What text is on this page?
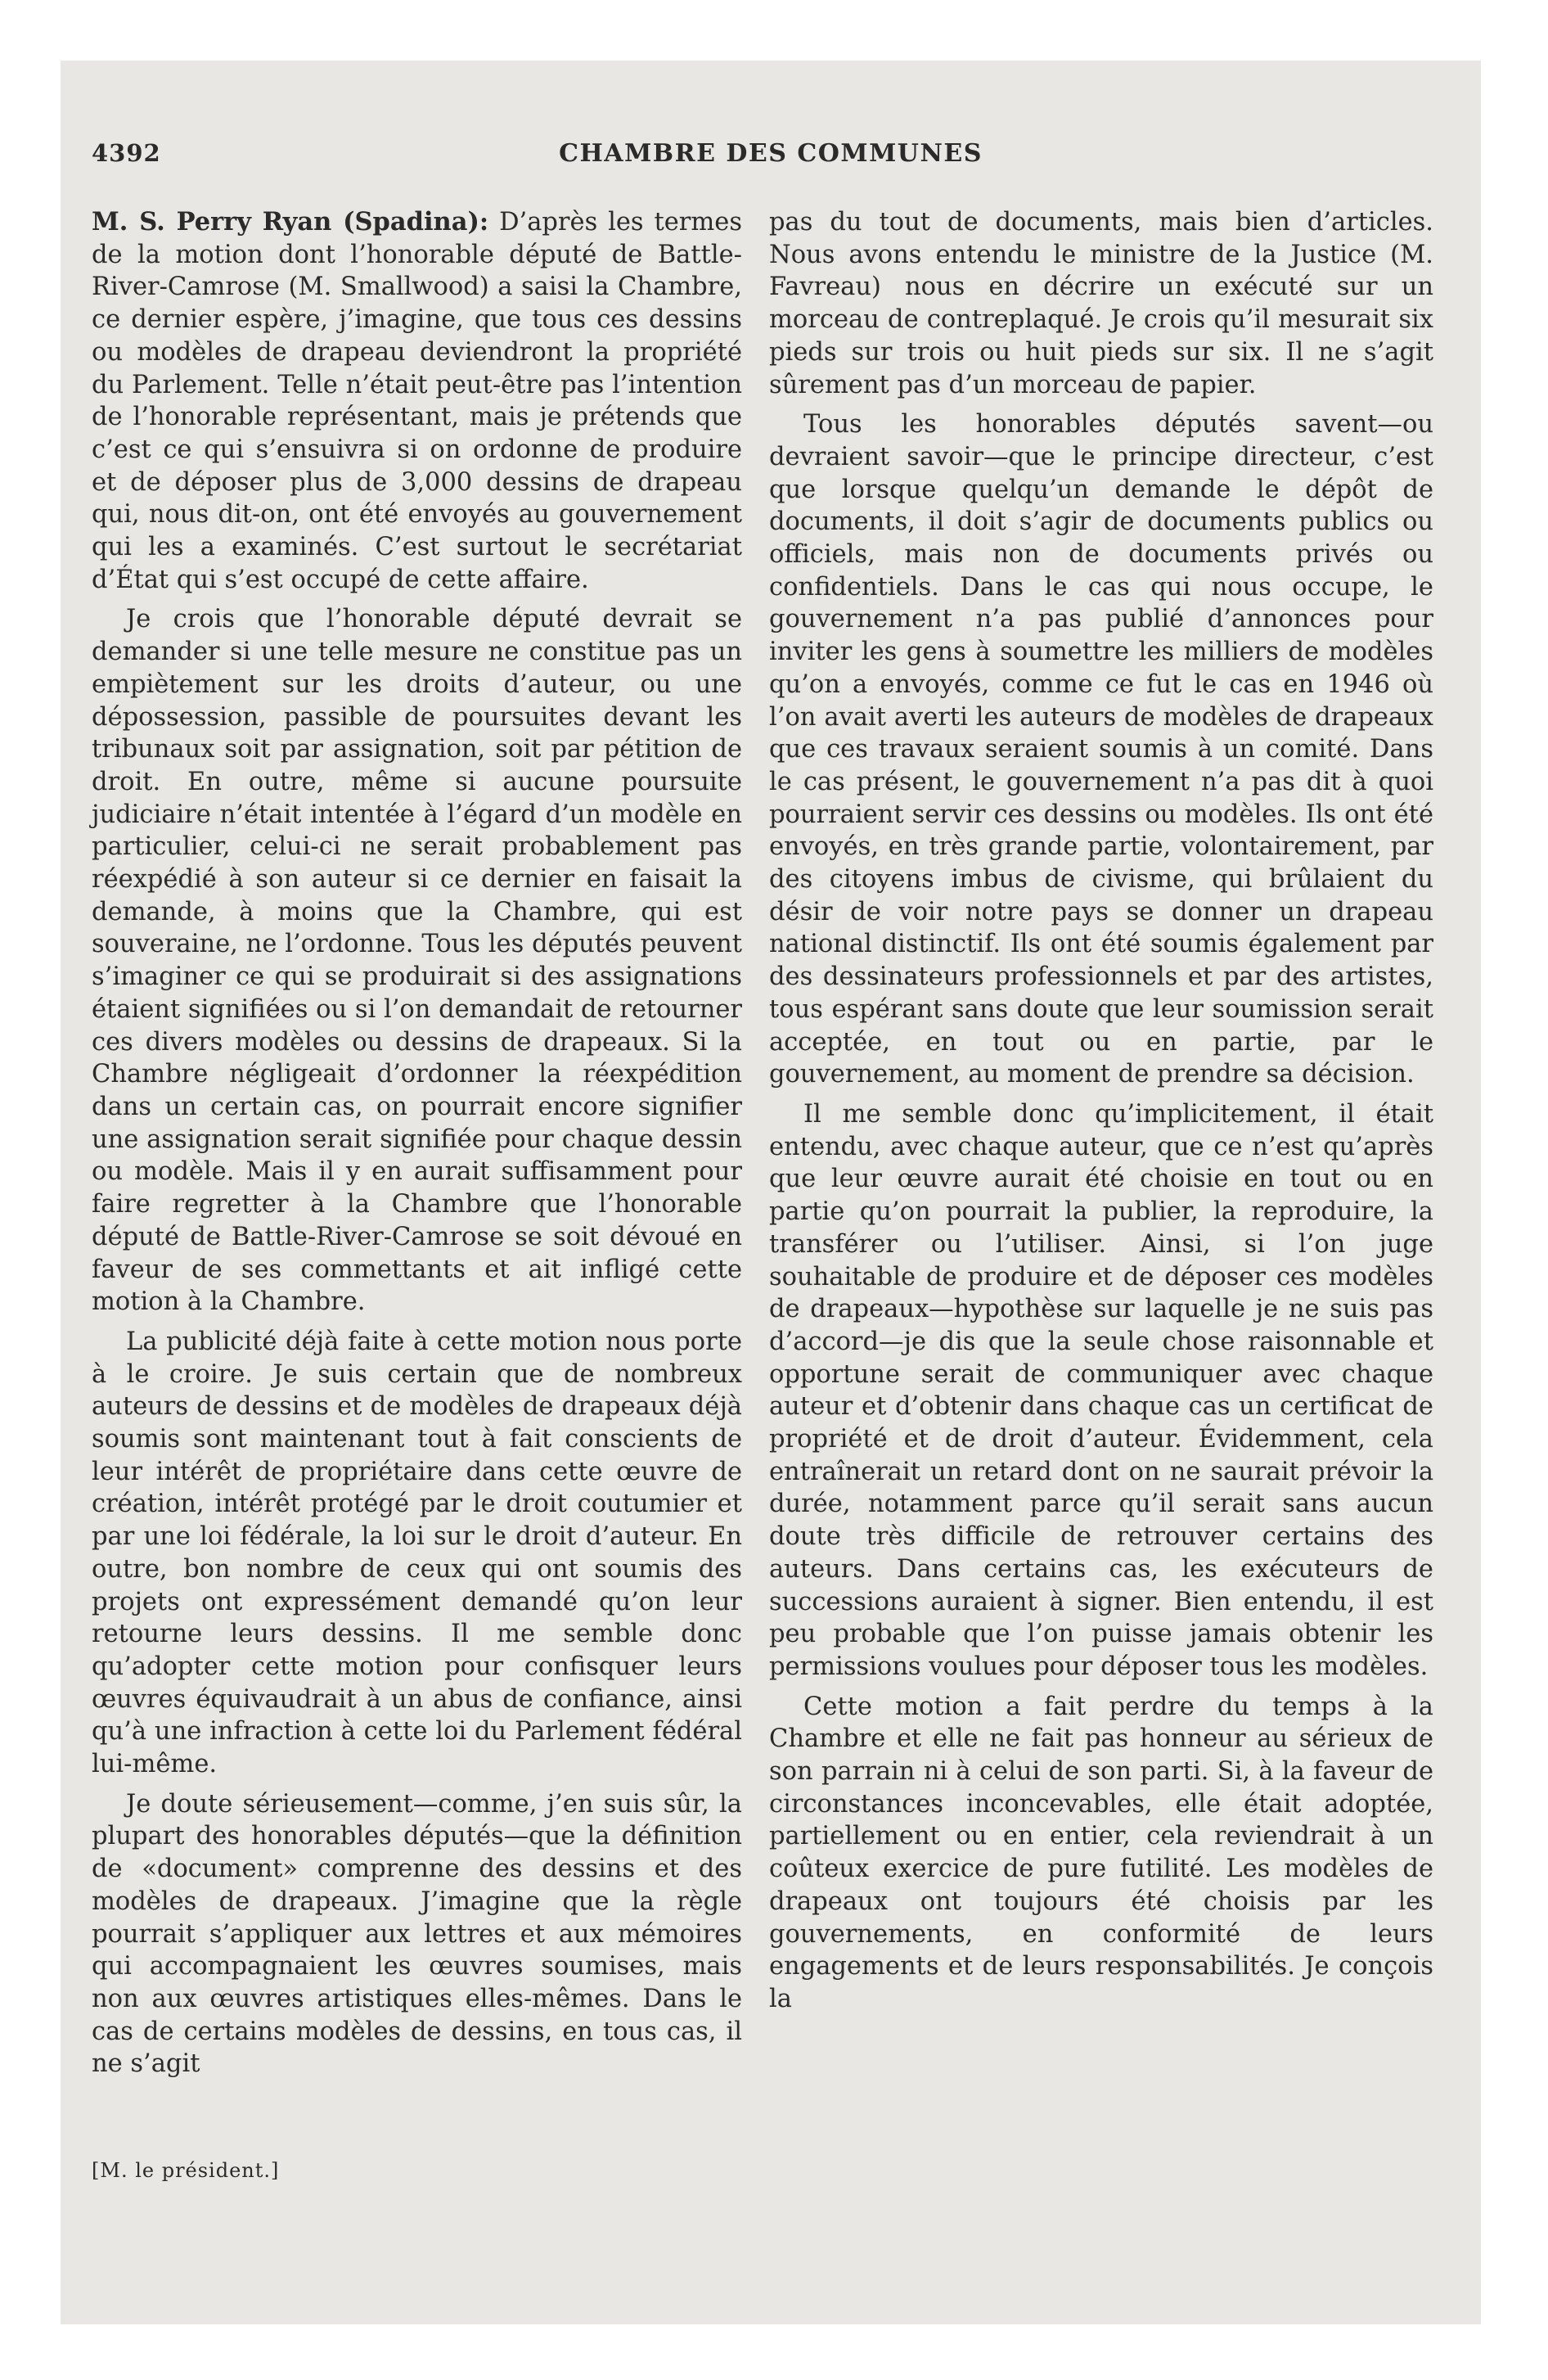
4392	CHAMBRE DES COMMUNES

M. S. Perry Ryan (Spadina): D’après les termes de la motion dont l’honorable député de Battle-River-Camrose (M. Smallwood) a saisi la Chambre, ce dernier espère, j’imagine, que tous ces dessins ou modèles de drapeau deviendront la propriété du Parlement. Telle n’était peut-être pas l’intention de l’honorable représentant, mais je prétends que c’est ce qui s’ensuivra si on ordonne de produire et de déposer plus de 3,000 dessins de drapeau qui, nous dit-on, ont été envoyés au gouvernement qui les a examinés. C’est surtout le secrétariat d’État qui s’est occupé de cette affaire.

Je crois que l’honorable député devrait se demander si une telle mesure ne constitue pas un empiètement sur les droits d’auteur, ou une dépossession, passible de poursuites devant les tribunaux soit par assignation, soit par pétition de droit. En outre, même si aucune poursuite judiciaire n’était intentée à l’égard d’un modèle en particulier, celui-ci ne serait probablement pas réexpédié à son auteur si ce dernier en faisait la demande, à moins que la Chambre, qui est souveraine, ne l’ordonne. Tous les députés peuvent s’imaginer ce qui se produirait si des assignations étaient signifiées ou si l’on demandait de retourner ces divers modèles ou dessins de drapeaux. Si la Chambre négligeait d’ordonner la réexpédition dans un certain cas, on pourrait encore signifier une assignation serait signifiée pour chaque dessin ou modèle. Mais il y en aurait suffisamment pour faire regretter à la Chambre que l’honorable député de Battle-River-Camrose se soit dévoué en faveur de ses commettants et ait infligé cette motion à la Chambre.

La publicité déjà faite à cette motion nous porte à le croire. Je suis certain que de nombreux auteurs de dessins et de modèles de drapeaux déjà soumis sont maintenant tout à fait conscients de leur intérêt de propriétaire dans cette œuvre de création, intérêt protégé par le droit coutumier et par une loi fédérale, la loi sur le droit d’auteur. En outre, bon nombre de ceux qui ont soumis des projets ont expressément demandé qu’on leur retourne leurs dessins. Il me semble donc qu’adopter cette motion pour confisquer leurs œuvres équivaudrait à un abus de confiance, ainsi qu’à une infraction à cette loi du Parlement fédéral lui-même.

Je doute sérieusement—comme, j’en suis sûr, la plupart des honorables députés—que la définition de «document» comprenne des dessins et des modèles de drapeaux. J’imagine que la règle pourrait s’appliquer aux lettres et aux mémoires qui accompagnaient les œuvres soumises, mais non aux œuvres artistiques elles-mêmes. Dans le cas de certains modèles de dessins, en tous cas, il ne s’agit

pas du tout de documents, mais bien d’articles. Nous avons entendu le ministre de la Justice (M. Favreau) nous en décrire un exécuté sur un morceau de contreplaqué. Je crois qu’il mesurait six pieds sur trois ou huit pieds sur six. Il ne s’agit sûrement pas d’un morceau de papier.

Tous les honorables députés savent—ou devraient savoir—que le principe directeur, c’est que lorsque quelqu’un demande le dépôt de documents, il doit s’agir de documents publics ou officiels, mais non de documents privés ou confidentiels. Dans le cas qui nous occupe, le gouvernement n’a pas publié d’annonces pour inviter les gens à soumettre les milliers de modèles qu’on a envoyés, comme ce fut le cas en 1946 où l’on avait averti les auteurs de modèles de drapeaux que ces travaux seraient soumis à un comité. Dans le cas présent, le gouvernement n’a pas dit à quoi pourraient servir ces dessins ou modèles. Ils ont été envoyés, en très grande partie, volontairement, par des citoyens imbus de civisme, qui brûlaient du désir de voir notre pays se donner un drapeau national distinctif. Ils ont été soumis également par des dessinateurs professionnels et par des artistes, tous espérant sans doute que leur soumission serait acceptée, en tout ou en partie, par le gouvernement, au moment de prendre sa décision.

Il me semble donc qu’implicitement, il était entendu, avec chaque auteur, que ce n’est qu’après que leur œuvre aurait été choisie en tout ou en partie qu’on pourrait la publier, la reproduire, la transférer ou l’utiliser. Ainsi, si l’on juge souhaitable de produire et de déposer ces modèles de drapeaux—hypothèse sur laquelle je ne suis pas d’accord—je dis que la seule chose raisonnable et opportune serait de communiquer avec chaque auteur et d’obtenir dans chaque cas un certificat de propriété et de droit d’auteur. Évidemment, cela entraînerait un retard dont on ne saurait prévoir la durée, notamment parce qu’il serait sans aucun doute très difficile de retrouver certains des auteurs. Dans certains cas, les exécuteurs de successions auraient à signer. Bien entendu, il est peu probable que l’on puisse jamais obtenir les permissions voulues pour déposer tous les modèles.

Cette motion a fait perdre du temps à la Chambre et elle ne fait pas honneur au sérieux de son parrain ni à celui de son parti. Si, à la faveur de circonstances inconcevables, elle était adoptée, partiellement ou en entier, cela reviendrait à un coûteux exercice de pure futilité. Les modèles de drapeaux ont toujours été choisis par les gouvernements, en conformité de leurs engagements et de leurs responsabilités. Je conçois la

[M. le président.]
